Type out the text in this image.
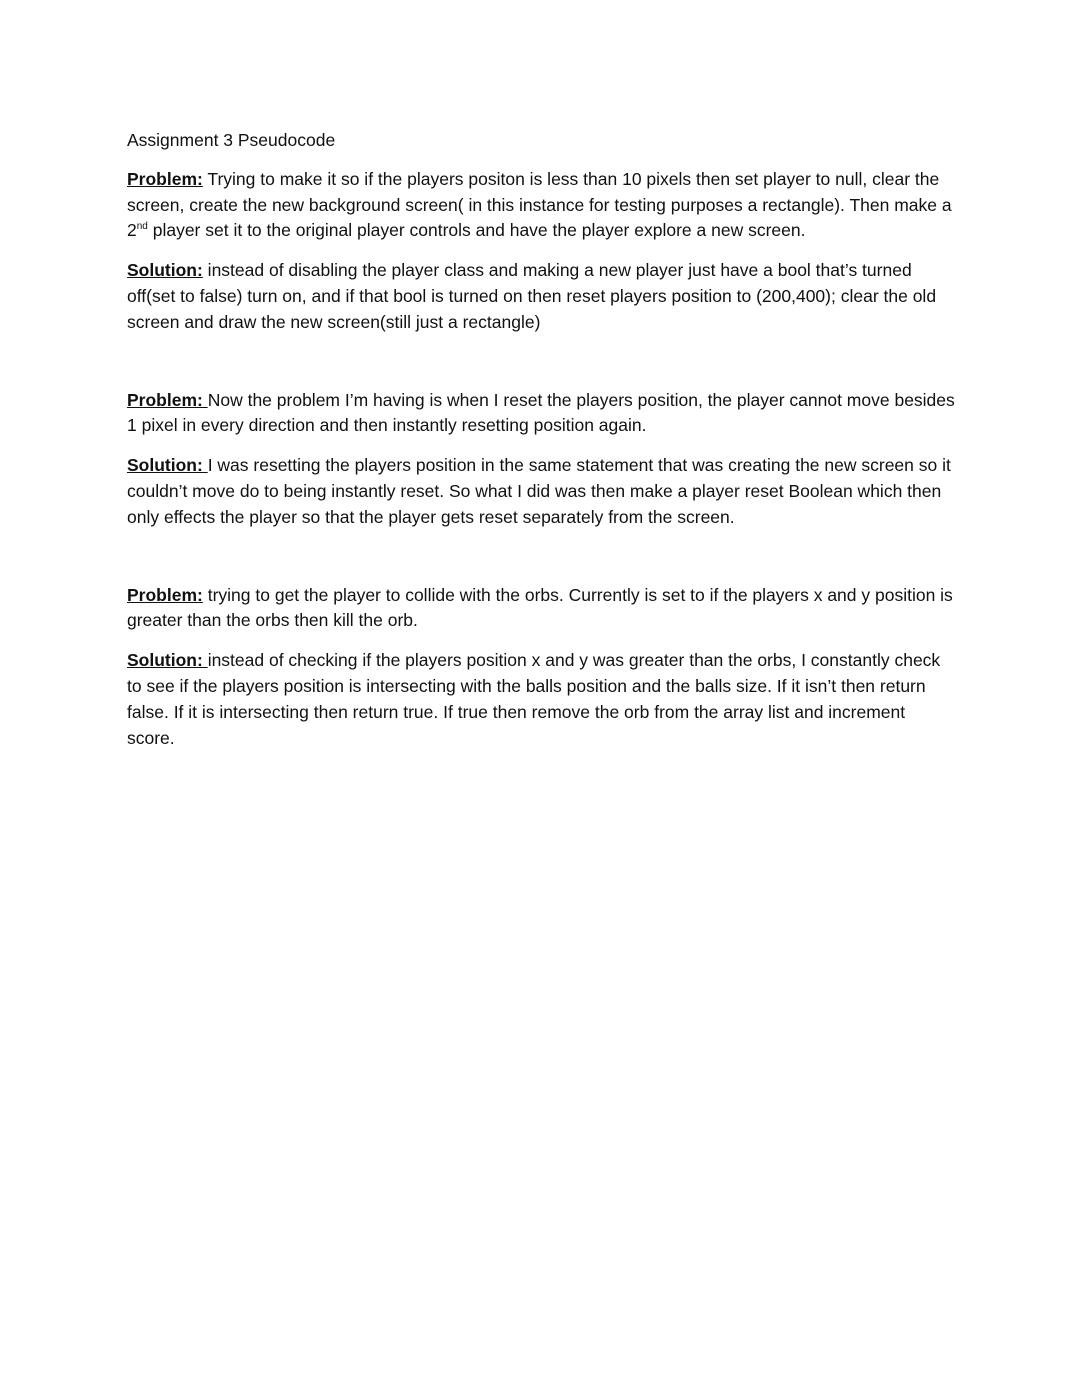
Assignment 3 Pseudocode

Problem: Trying to make it so if the players positon is less than 10 pixels then set player to null, clear the screen, create the new background screen( in this instance for testing purposes a rectangle). Then make a 2nd player set it to the original player controls and have the player explore a new screen.

Solution: instead of disabling the player class and making a new player just have a bool that’s turned off(set to false) turn on, and if that bool is turned on then reset players position to (200,400); clear the old screen and draw the new screen(still just a rectangle)

Problem: Now the problem I’m having is when I reset the players position, the player cannot move besides 1 pixel in every direction and then instantly resetting position again.

Solution: I was resetting the players position in the same statement that was creating the new screen so it couldn’t move do to being instantly reset. So what I did was then make a player reset Boolean which then only effects the player so that the player gets reset separately from the screen.

Problem: trying to get the player to collide with the orbs. Currently is set to if the players x and y position is greater than the orbs then kill the orb.

Solution: instead of checking if the players position x and y was greater than the orbs, I constantly check to see if the players position is intersecting with the balls position and the balls size. If it isn’t then return false. If it is intersecting then return true. If true then remove the orb from the array list and increment score.
